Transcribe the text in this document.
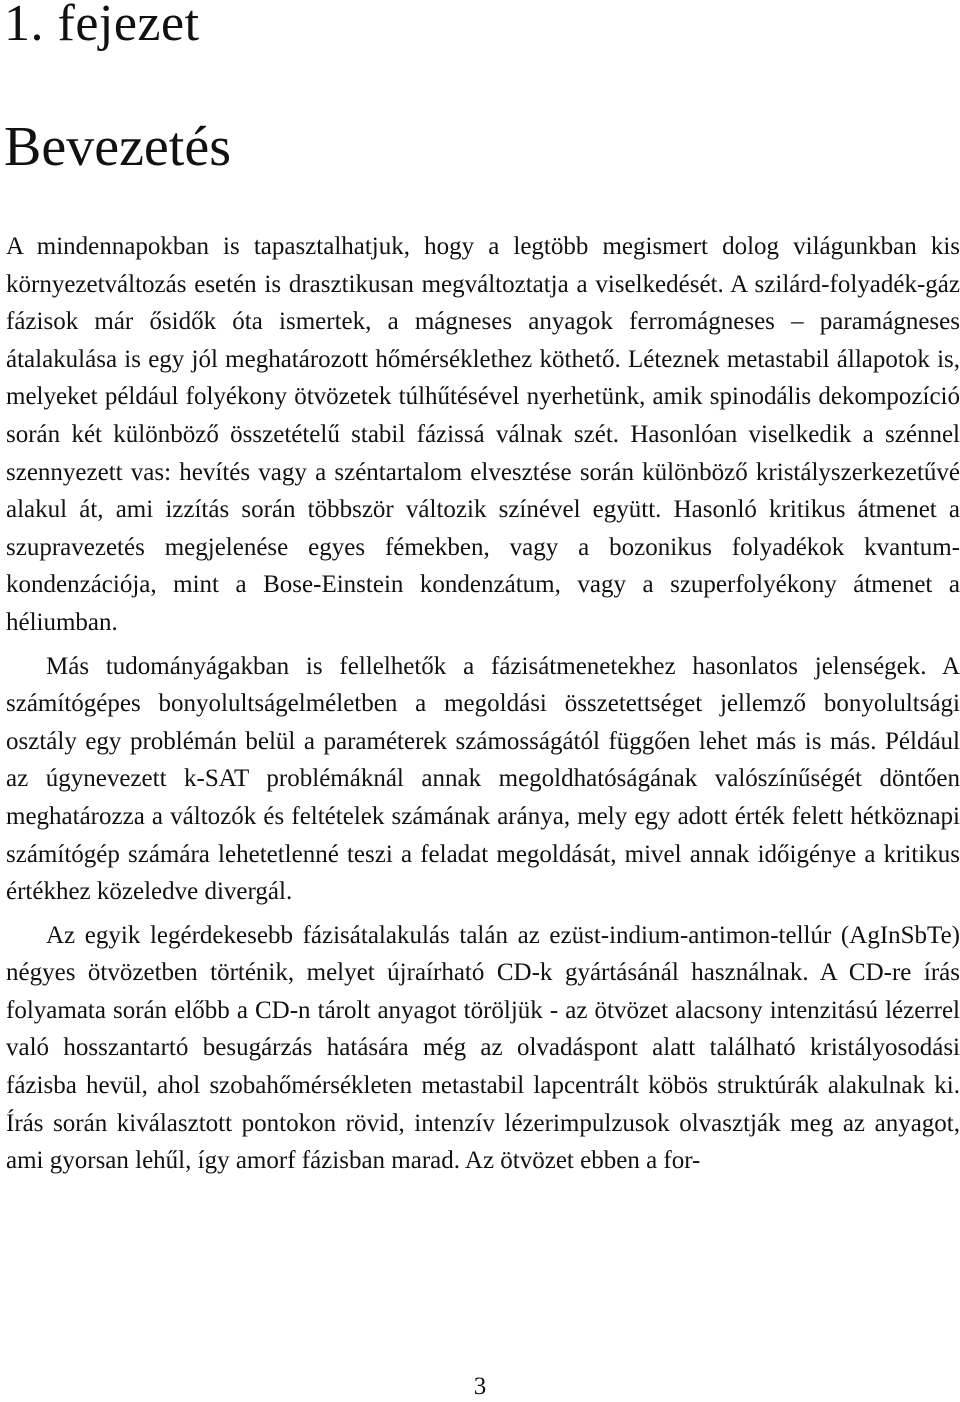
1. fejezet
Bevezetés

A mindennapokban is tapasztalhatjuk, hogy a legtöbb megismert dolog világunkban kis környezetváltozás esetén is drasztikusan megváltoztatja a viselkedését. A szilárd-folyadék-gáz fázisok már ősidők óta ismertek, a mágneses anyagok ferromágneses – paramágneses átalakulása is egy jól meghatározott hőmérséklethez köthető. Léteznek metastabil állapotok is, melyeket például folyékony ötvözetek túlhűtésével nyerhetünk, amik spinodális dekompozíció során két különböző összetételű stabil fázissá válnak szét. Hasonlóan viselkedik a szénnel szennyezett vas: hevítés vagy a széntartalom elvesztése során különböző kristályszerkezetűvé alakul át, ami izzítás során többször változik színével együtt. Hasonló kritikus átmenet a szupravezetés megjelenése egyes fémekben, vagy a bozonikus folyadékok kvantum-kondenzációja, mint a Bose-Einstein kondenzátum, vagy a szuperfolyékony átmenet a héliumban.

Más tudományágakban is fellelhetők a fázisátmenetekhez hasonlatos jelenségek. A számítógépes bonyolultságelméletben a megoldási összetettséget jellemző bonyolultsági osztály egy problémán belül a paraméterek számosságától függően lehet más is más. Például az úgynevezett k-SAT problémáknál annak megoldhatóságának valószínűségét döntően meghatározza a változók és feltételek számának aránya, mely egy adott érték felett hétköznapi számítógép számára lehetetlenné teszi a feladat megoldását, mivel annak időigénye a kritikus értékhez közeledve divergál.

Az egyik legérdekesebb fázisátalakulás talán az ezüst-indium-antimon-tellúr (AgInSbTe) négyes ötvözetben történik, melyet újraírható CD-k gyártásánál használnak. A CD-re írás folyamata során előbb a CD-n tárolt anyagot töröljük - az ötvözet alacsony intenzitású lézerrel való hosszantartó besugárzás hatására még az olvadáspont alatt található kristályosodási fázisba hevül, ahol szobahőmérsékleten metastabil lapcentrált köbös struktúrák alakulnak ki. Írás során kiválasztott pontokon rövid, intenzív lézerimpulzusok olvasztják meg az anyagot, ami gyorsan lehűl, így amorf fázisban marad. Az ötvözet ebben a for-

3
